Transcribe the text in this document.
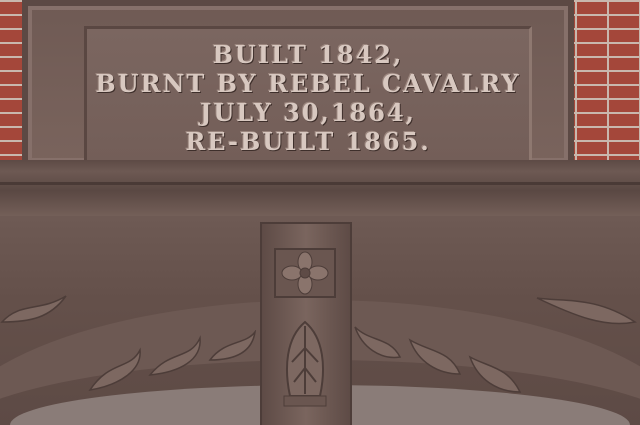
BUILT 1842,
BURNT BY REBEL CAVALRY
JULY 30,1864,
RE-BUILT 1865.
